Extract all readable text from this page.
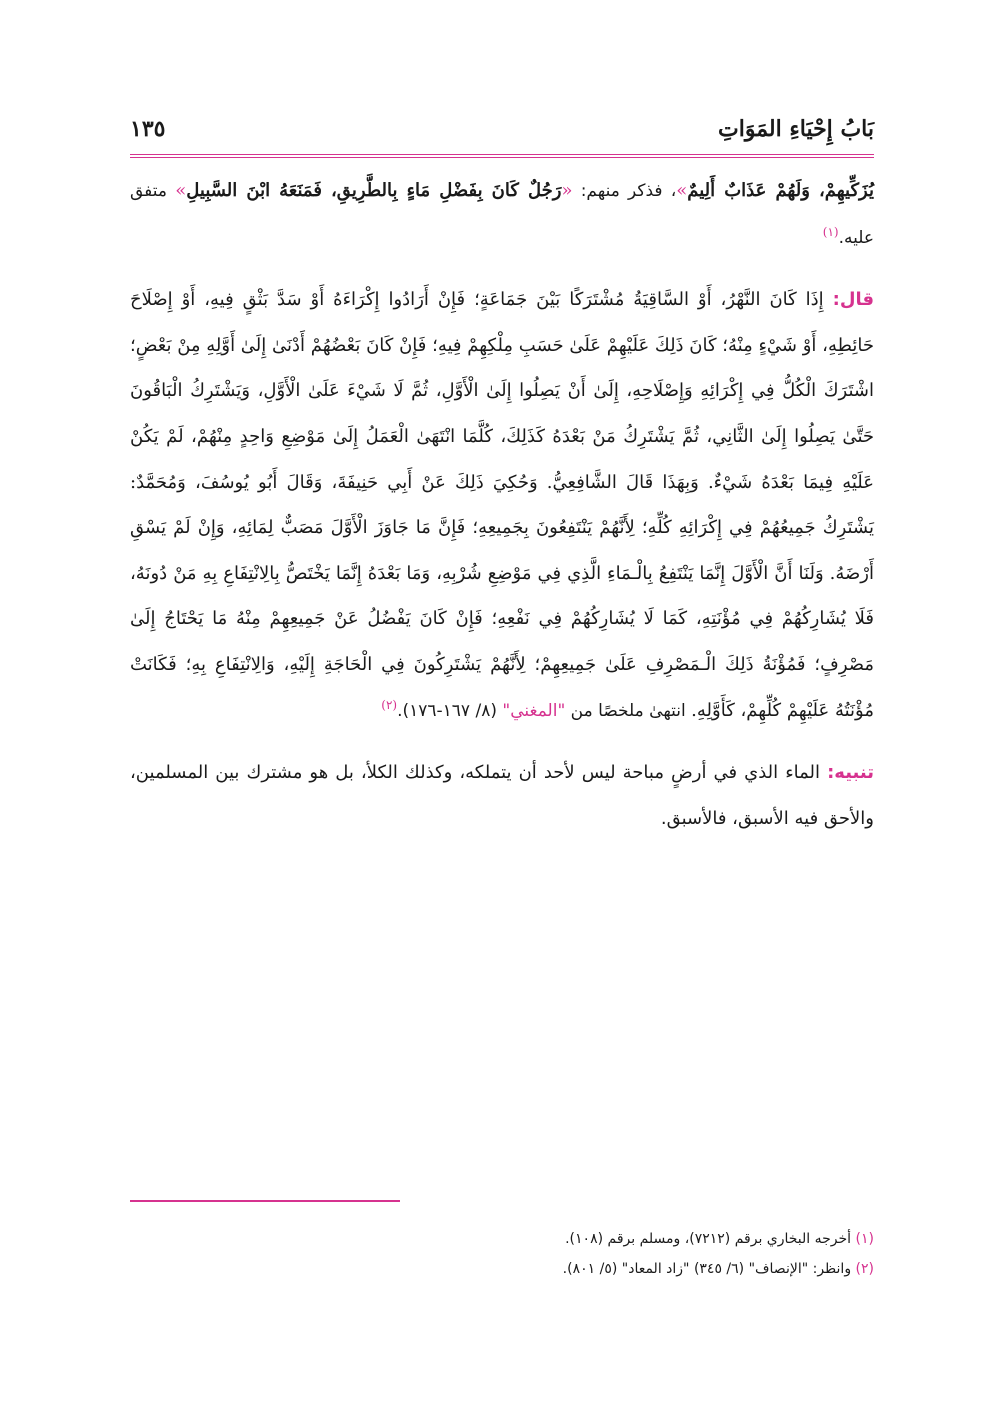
بَابُ إِحْيَاءِ المَوَاتِ
١٣٥

يُزَكِّيهِمْ، وَلَهُمْ عَذَابٌ أَلِيمٌ»، فذكر منهم: «رَجُلٌ كَانَ بِفَضْلِ مَاءٍ بِالطَّرِيقِ، فَمَنَعَهُ ابْنَ السَّبِيلِ» متفق عليه.$^{(١)}$

قال: إِذَا كَانَ النَّهْرُ، أَوْ السَّاقِيَةُ مُشْتَرَكًا بَيْنَ جَمَاعَةٍ؛ فَإِنْ أَرَادُوا إِكْرَاءَهُ أَوْ سَدَّ بَثْقٍ فِيهِ، أَوْ إِصْلَاحَ حَائِطِهِ، أَوْ شَيْءٍ مِنْهُ؛ كَانَ ذَلِكَ عَلَيْهِمْ عَلَىٰ حَسَبِ مِلْكِهِمْ فِيهِ؛ فَإِنْ كَانَ بَعْضُهُمْ أَدْنَىٰ إِلَىٰ أَوَّلِهِ مِنْ بَعْضٍ؛ اشْتَرَكَ الْكُلُّ فِي إِكْرَائِهِ وَإِصْلَاحِهِ، إِلَىٰ أَنْ يَصِلُوا إِلَىٰ الْأَوَّلِ، ثُمَّ لَا شَيْءَ عَلَىٰ الْأَوَّلِ، وَيَشْتَرِكُ الْبَاقُونَ حَتَّىٰ يَصِلُوا إِلَىٰ الثَّانِي، ثُمَّ يَشْتَرِكُ مَنْ بَعْدَهُ كَذَلِكَ، كُلَّمَا انْتَهَىٰ الْعَمَلُ إِلَىٰ مَوْضِعِ وَاحِدٍ مِنْهُمْ، لَمْ يَكُنْ عَلَيْهِ فِيمَا بَعْدَهُ شَيْءٌ. وَبِهَذَا قَالَ الشَّافِعِيُّ. وَحُكِيَ ذَلِكَ عَنْ أَبِي حَنِيفَةَ، وَقَالَ أَبُو يُوسُفَ، وَمُحَمَّدٌ: يَشْتَرِكُ جَمِيعُهُمْ فِي إِكْرَائِهِ كُلِّهِ؛ لِأَنَّهُمْ يَنْتَفِعُونَ بِجَمِيعِهِ؛ فَإِنَّ مَا جَاوَزَ الْأَوَّلَ مَصَبٌّ لِمَائِهِ، وَإِنْ لَمْ يَسْقِ أَرْضَهُ. وَلَنَا أَنَّ الْأَوَّلَ إِنَّمَا يَنْتَفِعُ بِالْـمَاءِ الَّذِي فِي مَوْضِعِ شُرْبِهِ، وَمَا بَعْدَهُ إِنَّمَا يَخْتَصُّ بِالِانْتِفَاعِ بِهِ مَنْ دُونَهُ، فَلَا يُشَارِكُهُمْ فِي مُؤْنَتِهِ، كَمَا لَا يُشَارِكُهُمْ فِي نَفْعِهِ؛ فَإِنْ كَانَ يَفْضُلُ عَنْ جَمِيعِهِمْ مِنْهُ مَا يَحْتَاجُ إِلَىٰ مَصْرِفٍ؛ فَمُؤْنَةُ ذَلِكَ الْـمَصْرِفِ عَلَىٰ جَمِيعِهِمْ؛ لِأَنَّهُمْ يَشْتَرِكُونَ فِي الْحَاجَةِ إِلَيْهِ، وَالِانْتِفَاعِ بِهِ؛ فَكَانَتْ مُؤْنَتُهُ عَلَيْهِمْ كُلِّهِمْ، كَأَوَّلِهِ. انتهىٰ ملخصًا من "المغني" (٨/ ١٦٧-١٧٦).$^{(٢)}$

تنبيه: الماء الذي في أرضٍ مباحة ليس لأحد أن يتملكه، وكذلك الكلأ، بل هو مشترك بين المسلمين، والأحق فيه الأسبق، فالأسبق.

(١) أخرجه البخاري برقم (٧٢١٢)، ومسلم برقم (١٠٨).
(٢) وانظر: "الإنصاف" (٦/ ٣٤٥) "زاد المعاد" (٥/ ٨٠١).
